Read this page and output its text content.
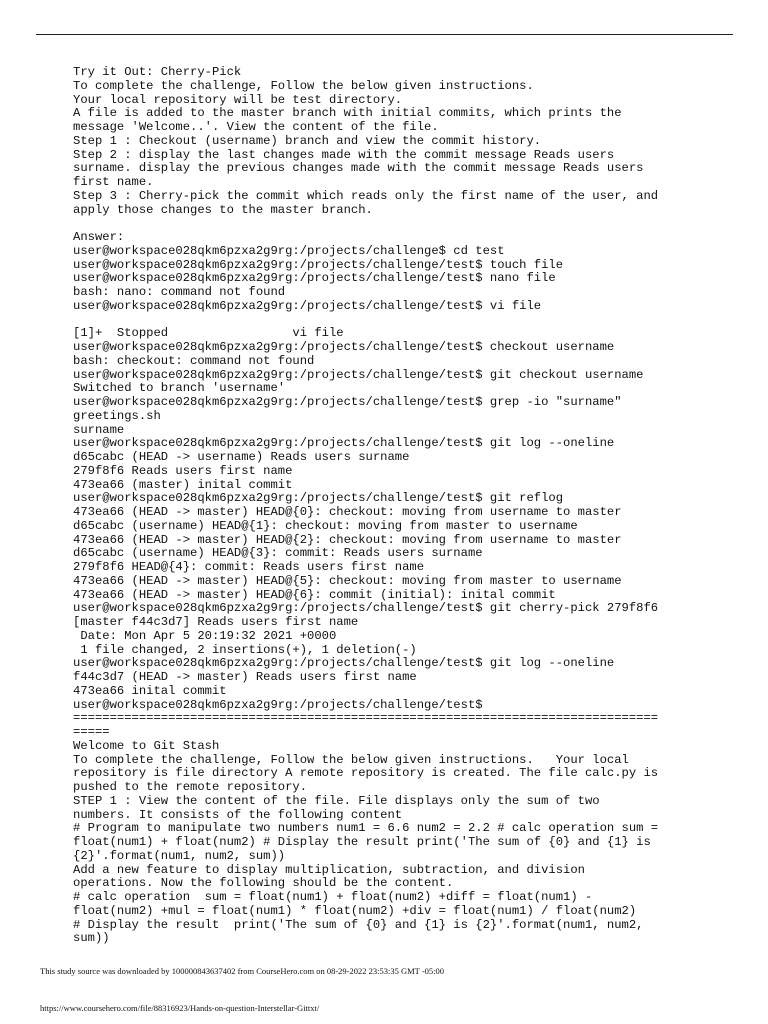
Try it Out: Cherry-Pick
To complete the challenge, Follow the below given instructions.
Your local repository will be test directory.
A file is added to the master branch with initial commits, which prints the
message 'Welcome..'. View the content of the file.
Step 1 : Checkout (username) branch and view the commit history.
Step 2 : display the last changes made with the commit message Reads users
surname. display the previous changes made with the commit message Reads users
first name.
Step 3 : Cherry-pick the commit which reads only the first name of the user, and
apply those changes to the master branch.
Answer:
user@workspace028qkm6pzxa2g9rg:/projects/challenge$ cd test
user@workspace028qkm6pzxa2g9rg:/projects/challenge/test$ touch file
user@workspace028qkm6pzxa2g9rg:/projects/challenge/test$ nano file
bash: nano: command not found
user@workspace028qkm6pzxa2g9rg:/projects/challenge/test$ vi file
[1]+  Stopped                 vi file
user@workspace028qkm6pzxa2g9rg:/projects/challenge/test$ checkout username
bash: checkout: command not found
user@workspace028qkm6pzxa2g9rg:/projects/challenge/test$ git checkout username
Switched to branch 'username'
user@workspace028qkm6pzxa2g9rg:/projects/challenge/test$ grep -io "surname"
greetings.sh
surname
user@workspace028qkm6pzxa2g9rg:/projects/challenge/test$ git log --oneline
d65cabc (HEAD -> username) Reads users surname
279f8f6 Reads users first name
473ea66 (master) inital commit
user@workspace028qkm6pzxa2g9rg:/projects/challenge/test$ git reflog
473ea66 (HEAD -> master) HEAD@{0}: checkout: moving from username to master
d65cabc (username) HEAD@{1}: checkout: moving from master to username
473ea66 (HEAD -> master) HEAD@{2}: checkout: moving from username to master
d65cabc (username) HEAD@{3}: commit: Reads users surname
279f8f6 HEAD@{4}: commit: Reads users first name
473ea66 (HEAD -> master) HEAD@{5}: checkout: moving from master to username
473ea66 (HEAD -> master) HEAD@{6}: commit (initial): inital commit
user@workspace028qkm6pzxa2g9rg:/projects/challenge/test$ git cherry-pick 279f8f6
[master f44c3d7] Reads users first name
Date: Mon Apr 5 20:19:32 2021 +0000
1 file changed, 2 insertions(+), 1 deletion(-)
user@workspace028qkm6pzxa2g9rg:/projects/challenge/test$ git log --oneline
f44c3d7 (HEAD -> master) Reads users first name
473ea66 inital commit
user@workspace028qkm6pzxa2g9rg:/projects/challenge/test$
================================================================================
=====
Welcome to Git Stash
To complete the challenge, Follow the below given instructions.   Your local
repository is file directory A remote repository is created. The file calc.py is
pushed to the remote repository.
STEP 1 : View the content of the file. File displays only the sum of two
numbers. It consists of the following content
# Program to manipulate two numbers num1 = 6.6 num2 = 2.2 # calc operation sum =
float(num1) + float(num2) # Display the result print('The sum of {0} and {1} is
{2}'.format(num1, num2, sum))
Add a new feature to display multiplication, subtraction, and division
operations. Now the following should be the content.
# calc operation  sum = float(num1) + float(num2) +diff = float(num1) -
float(num2) +mul = float(num1) * float(num2) +div = float(num1) / float(num2)
# Display the result  print('The sum of {0} and {1} is {2}'.format(num1, num2,
sum))
This study source was downloaded by 100000843637402 from CourseHero.com on 08-29-2022 23:53:35 GMT -05:00
https://www.coursehero.com/file/88316923/Hands-on-question-Interstellar-Gittxt/
